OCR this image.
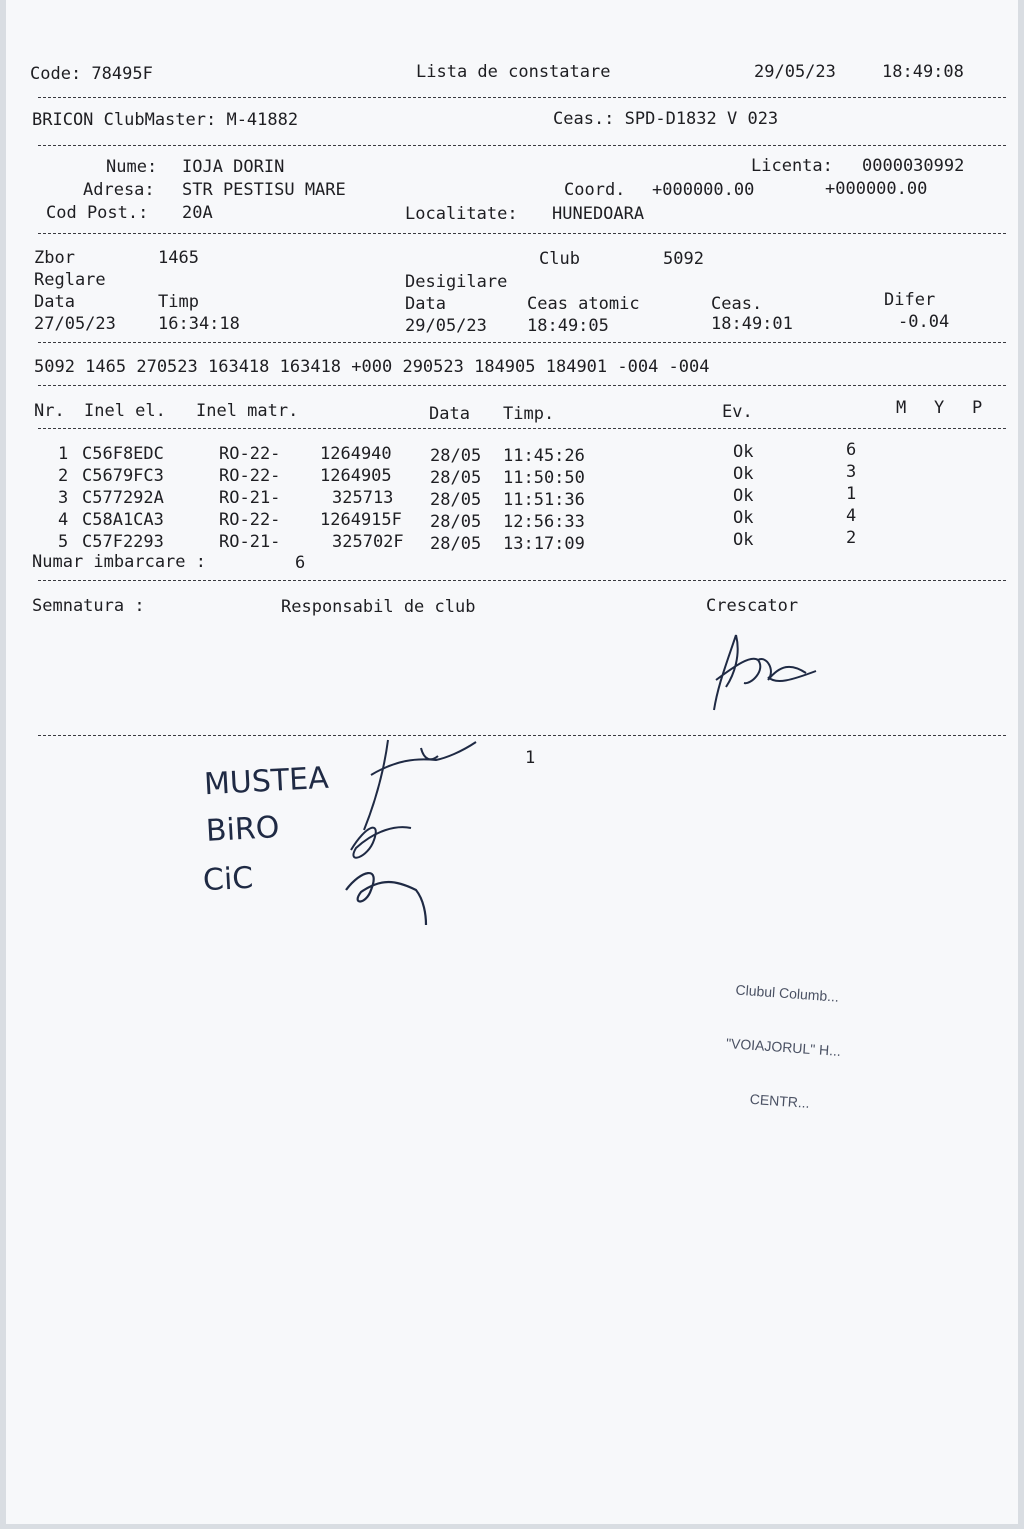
Code: 78495F	Lista de constatare	29/05/23	18:49:08
BRICON ClubMaster: M-41882	Ceas.: SPD-D1832 V 023
Nume: IOJA DORIN	Licenta: 0000030992
Adresa: STR PESTISU MARE	Coord. +000000.00	+000000.00
Cod Post.: 20A	Localitate: HUNEDOARA
Zbor	1465	Club	5092
Reglare	Desigilare
Data	Timp	Data	Ceas atomic	Ceas.	Difer
27/05/23 16:34:18	29/05/23 18:49:05	18:49:01	-0.04
5092 1465 270523 163418 163418 +000 290523 184905 184901 -004 -004
Nr. Inel el. Inel matr.	Data Timp.	Ev.	M Y P
1 C56F8EDC	RO-22- 1264940 28/05 11:45:26	Ok	6
2 C5679FC3	RO-22- 1264905 28/05 11:50:50	Ok	3
3 C577292A	RO-21-	325713 28/05 11:51:36	Ok	1
4 C58A1CA3	RO-22- 1264915F 28/05 12:56:33	Ok	4
5 C57F2293	RO-21-	325702F 28/05 13:17:09	Ok	2
Numar imbarcare :	6
Semnatura :	Responsabil de club	Crescator
1
MUSTEA
BiRO
CiC

Clubul Columb...

"VOIAJORUL" H...

CENTR...
